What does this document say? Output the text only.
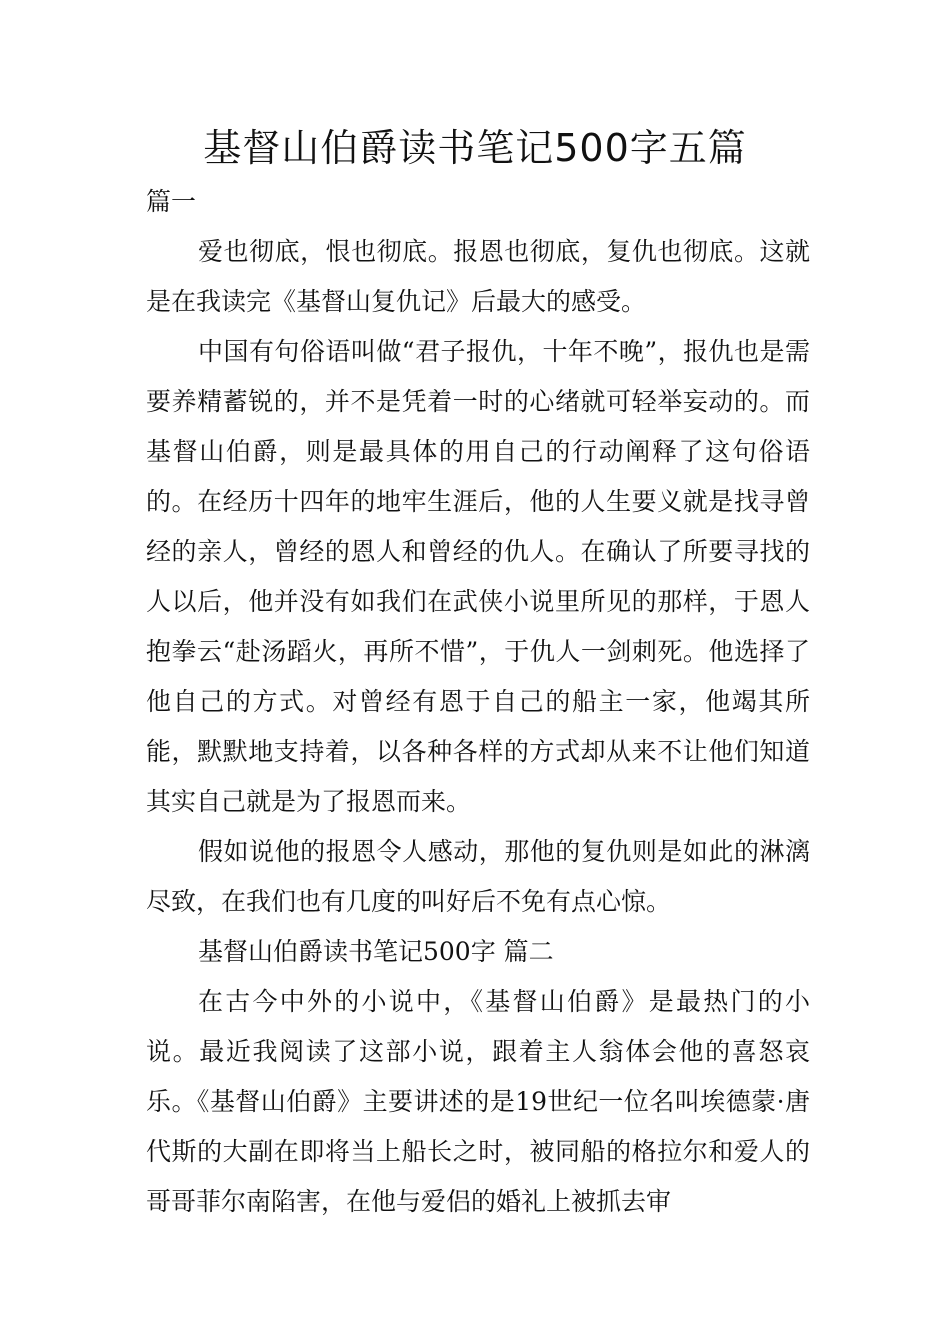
基督山伯爵读书笔记500字五篇

篇一

爱也彻底，恨也彻底。报恩也彻底，复仇也彻底。这就是在我读完《基督山复仇记》后最大的感受。

中国有句俗语叫做“君子报仇，十年不晚”，报仇也是需要养精蓄锐的，并不是凭着一时的心绪就可轻举妄动的。而基督山伯爵，则是最具体的用自己的行动阐释了这句俗语的。在经历十四年的地牢生涯后，他的人生要义就是找寻曾经的亲人，曾经的恩人和曾经的仇人。在确认了所要寻找的人以后，他并没有如我们在武侠小说里所见的那样，于恩人抱拳云“赴汤蹈火，再所不惜”，于仇人一剑刺死。他选择了他自己的方式。对曾经有恩于自己的船主一家，他竭其所能，默默地支持着，以各种各样的方式却从来不让他们知道其实自己就是为了报恩而来。

假如说他的报恩令人感动，那他的复仇则是如此的淋漓尽致，在我们也有几度的叫好后不免有点心惊。

基督山伯爵读书笔记500字 篇二

在古今中外的小说中，《基督山伯爵》是最热门的小说。最近我阅读了这部小说，跟着主人翁体会他的喜怒哀乐。《基督山伯爵》主要讲述的是19世纪一位名叫埃德蒙·唐代斯的大副在即将当上船长之时，被同船的格拉尔和爱人的哥哥菲尔南陷害，在他与爱侣的婚礼上被抓去审
